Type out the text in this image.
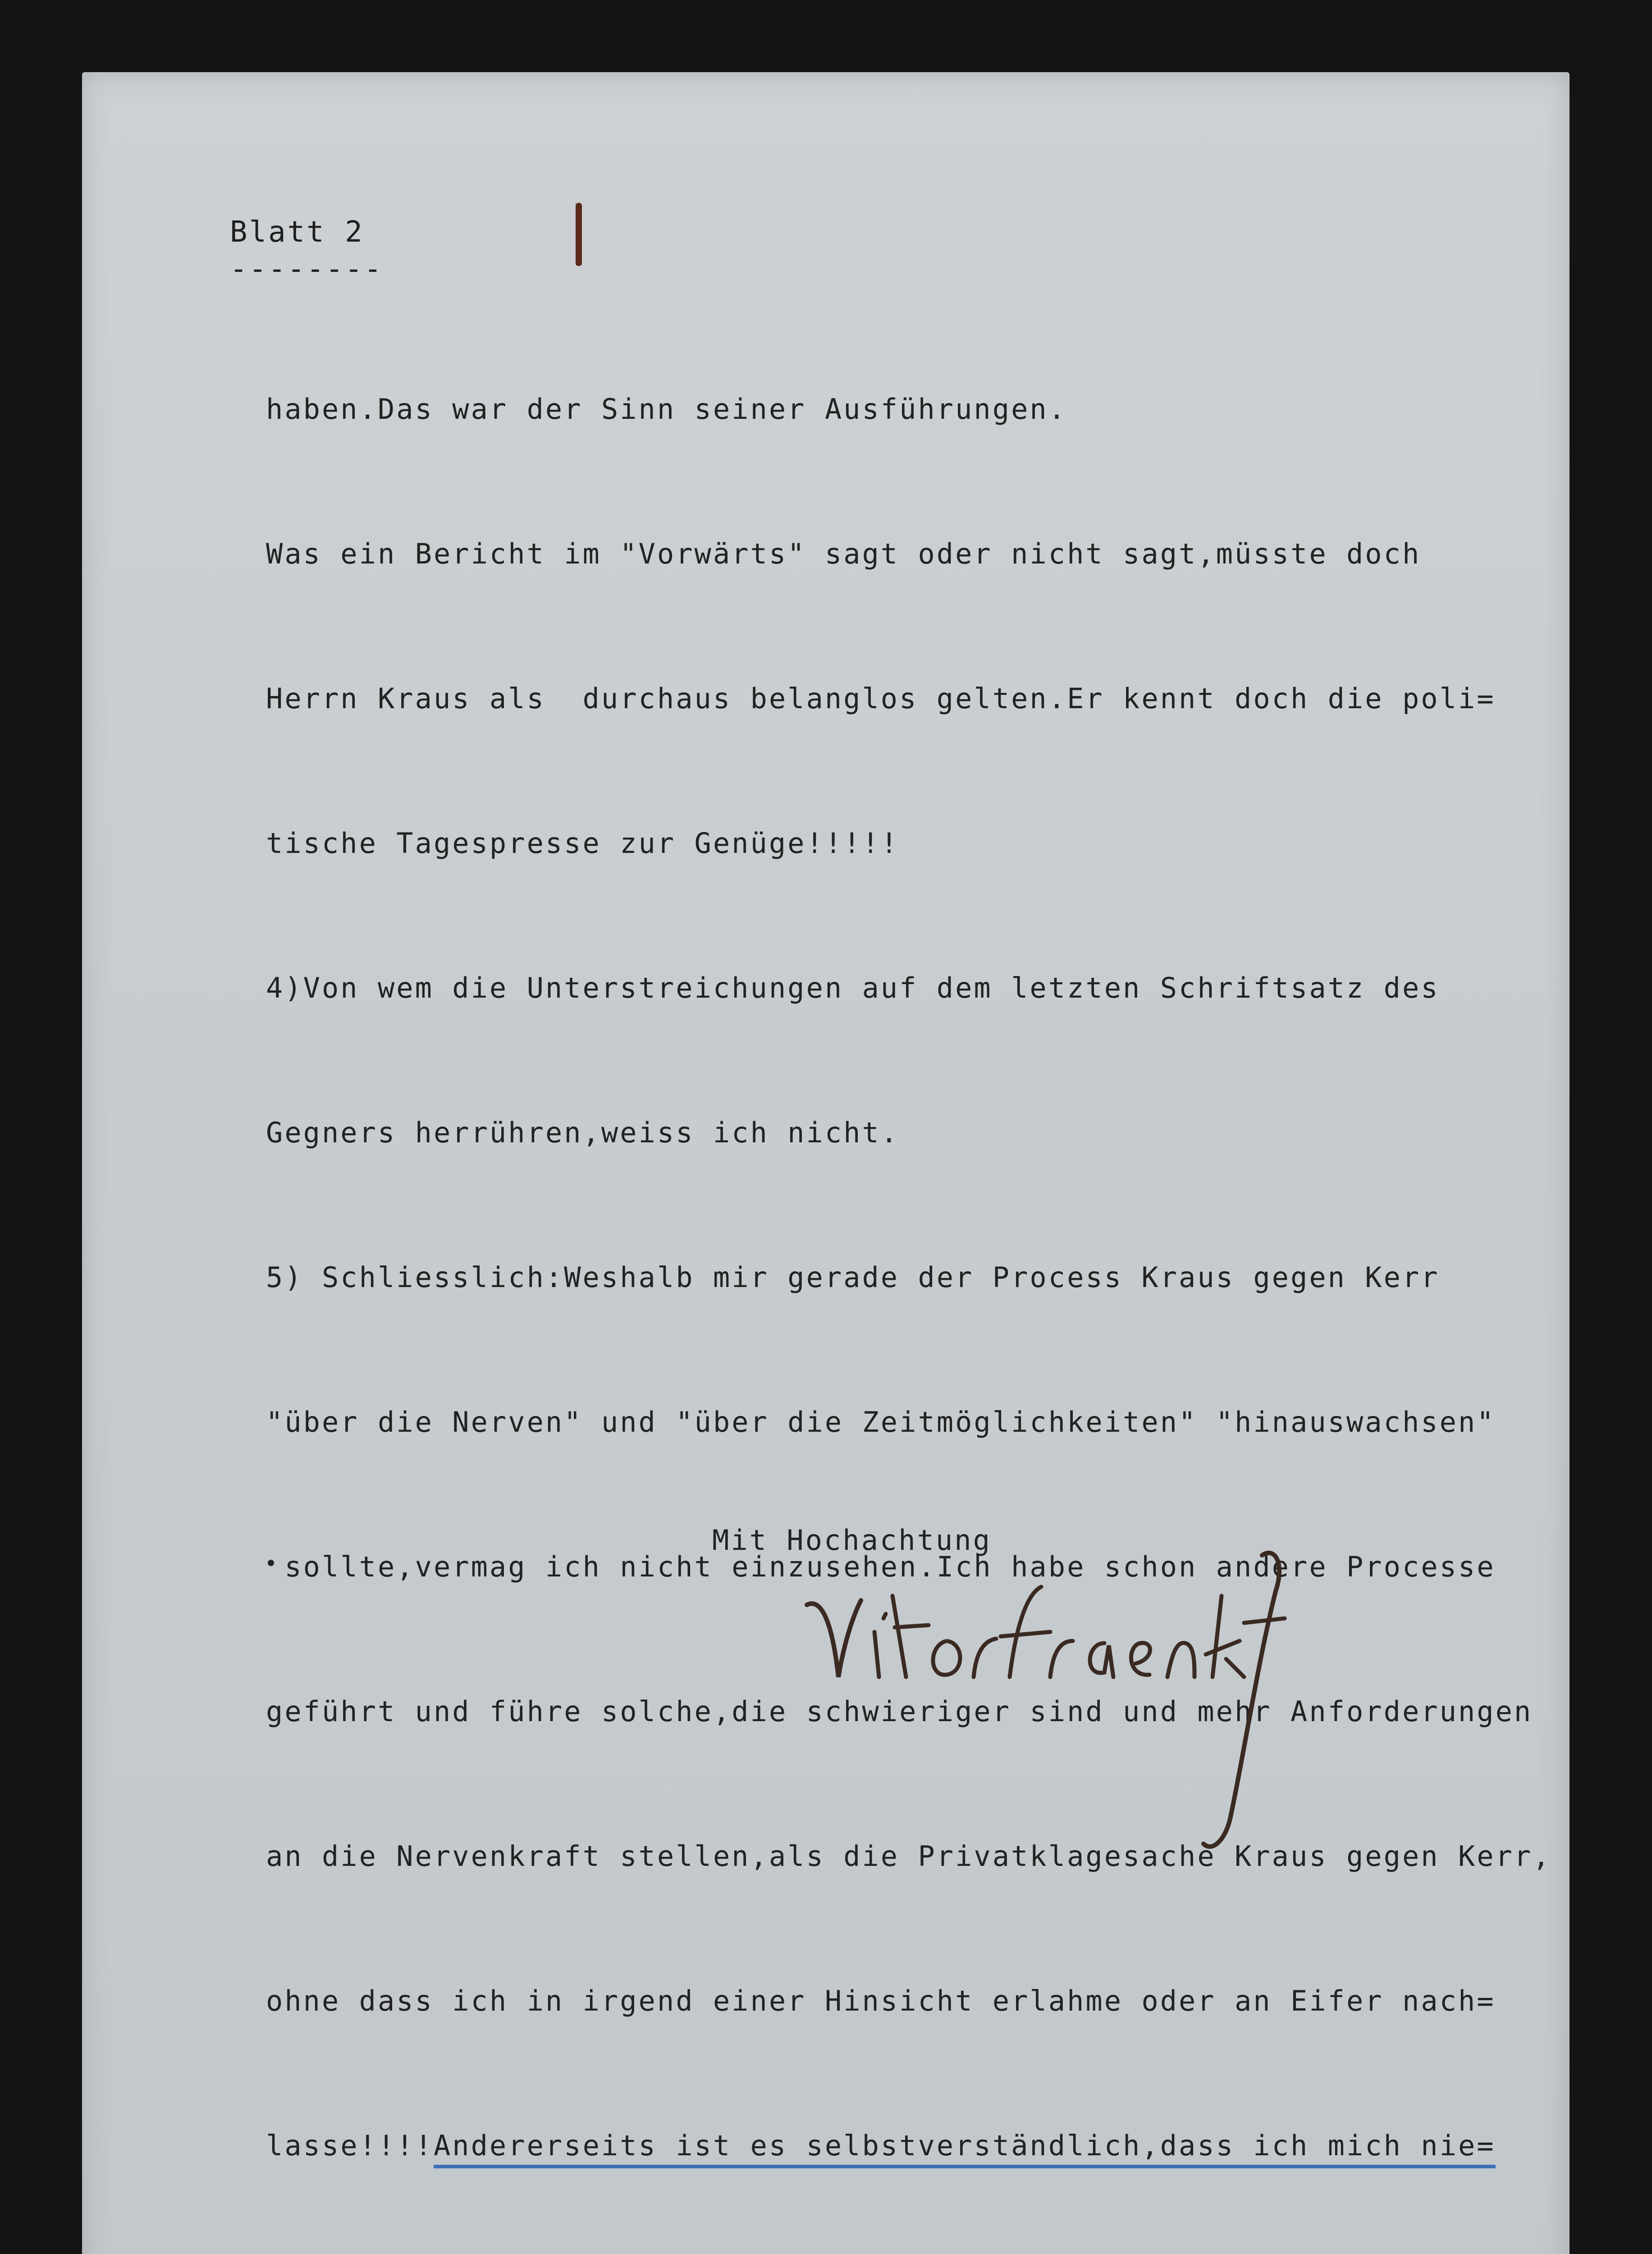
Blatt 2
--------

haben.Das war der Sinn seiner Ausführungen.

Was ein Bericht im "Vorwärts" sagt oder nicht sagt,müsste doch

Herrn Kraus als  durchaus belanglos gelten.Er kennt doch die poli=

tische Tagespresse zur Genüge!!!!!

4)Von wem die Unterstreichungen auf dem letzten Schriftsatz des

Gegners herrühren,weiss ich nicht.

5) Schliesslich:Weshalb mir gerade der Process Kraus gegen Kerr

"über die Nerven" und "über die Zeitmöglichkeiten" "hinauswachsen"

sollte,vermag ich nicht einzusehen.Ich habe schon andere Processe

geführt und führe solche,die schwieriger sind und mehr Anforderungen

an die Nervenkraft stellen,als die Privatklagesache Kraus gegen Kerr,

ohne dass ich in irgend einer Hinsicht erlahme oder an Eifer nach=

lasse!!!!Andererseits ist es selbstverständlich,dass ich mich nie=

Mit Hochachtung
